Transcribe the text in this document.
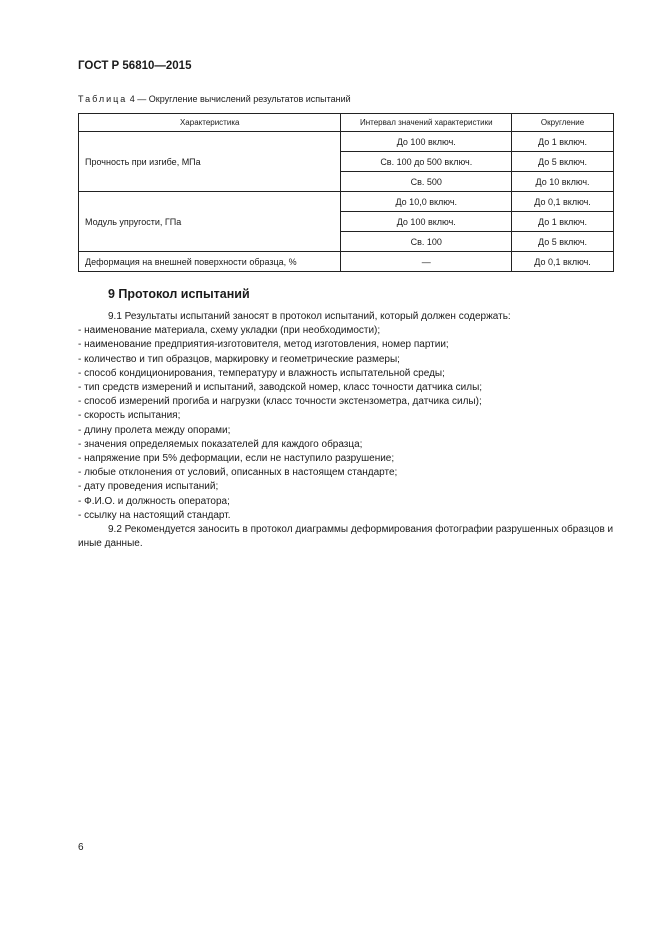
ГОСТ Р 56810—2015
Таблица 4 — Округление вычислений результатов испытаний
Характеристика	Интервал значений характеристики	Округление
Прочность при изгибе, МПа	До 100 включ.	До 1 включ.
	Св. 100 до 500 включ.	До 5 включ.
	Св. 500	До 10 включ.
Модуль упругости, ГПа	До 10,0 включ.	До 0,1 включ.
	До 100 включ.	До 1 включ.
	Св. 100	До 5 включ.
Деформация на внешней поверхности образца, %	—	До 0,1 включ.
9 Протокол испытаний

9.1 Результаты испытаний заносят в протокол испытаний, который должен содержать:

- наименование материала, схему укладки (при необходимости);

- наименование предприятия-изготовителя, метод изготовления, номер партии;

- количество и тип образцов, маркировку и геометрические размеры;

- способ кондиционирования, температуру и влажность испытательной среды;

- тип средств измерений и испытаний, заводской номер, класс точности датчика силы;

- способ измерений прогиба и нагрузки (класс точности экстензометра, датчика силы);

- скорость испытания;

- длину пролета между опорами;

- значения определяемых показателей для каждого образца;

- напряжение при 5% деформации, если не наступило разрушение;

- любые отклонения от условий, описанных в настоящем стандарте;

- дату проведения испытаний;

- Ф.И.О. и должность оператора;

- ссылку на настоящий стандарт.

9.2 Рекомендуется заносить в протокол диаграммы деформирования фотографии разрушенных образцов и иные данные.

6
